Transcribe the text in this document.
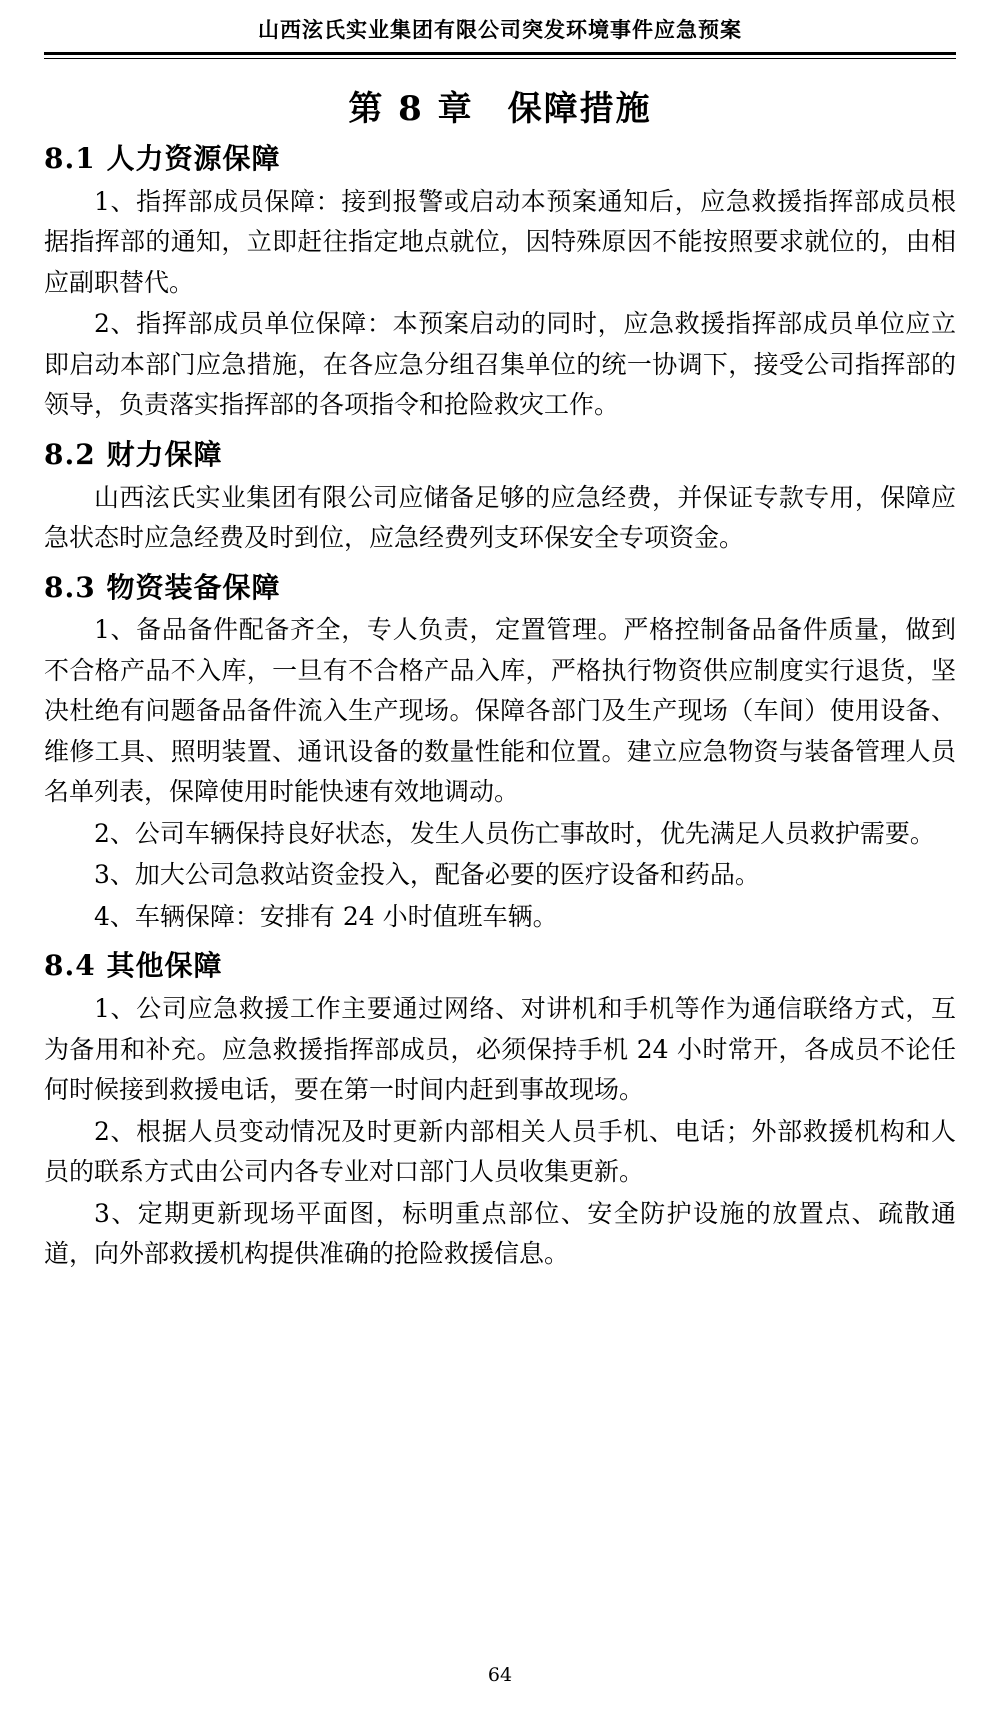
山西泫氏实业集团有限公司突发环境事件应急预案
第 8 章 保障措施
8.1 人力资源保障

1、指挥部成员保障：接到报警或启动本预案通知后，应急救援指挥部成员根据指挥部的通知，立即赶往指定地点就位，因特殊原因不能按照要求就位的，由相应副职替代。

2、指挥部成员单位保障：本预案启动的同时，应急救援指挥部成员单位应立即启动本部门应急措施，在各应急分组召集单位的统一协调下，接受公司指挥部的领导，负责落实指挥部的各项指令和抢险救灾工作。

8.2 财力保障

山西泫氏实业集团有限公司应储备足够的应急经费，并保证专款专用，保障应急状态时应急经费及时到位，应急经费列支环保安全专项资金。

8.3 物资装备保障

1、备品备件配备齐全，专人负责，定置管理。严格控制备品备件质量，做到不合格产品不入库，一旦有不合格产品入库，严格执行物资供应制度实行退货，坚决杜绝有问题备品备件流入生产现场。保障各部门及生产现场（车间）使用设备、维修工具、照明装置、通讯设备的数量性能和位置。建立应急物资与装备管理人员名单列表，保障使用时能快速有效地调动。

2、公司车辆保持良好状态，发生人员伤亡事故时，优先满足人员救护需要。

3、加大公司急救站资金投入，配备必要的医疗设备和药品。

4、车辆保障：安排有 24 小时值班车辆。

8.4 其他保障

1、公司应急救援工作主要通过网络、对讲机和手机等作为通信联络方式，互为备用和补充。应急救援指挥部成员，必须保持手机 24 小时常开，各成员不论任何时候接到救援电话，要在第一时间内赶到事故现场。

2、根据人员变动情况及时更新内部相关人员手机、电话；外部救援机构和人员的联系方式由公司内各专业对口部门人员收集更新。

3、定期更新现场平面图，标明重点部位、安全防护设施的放置点、疏散通道，向外部救援机构提供准确的抢险救援信息。

64
